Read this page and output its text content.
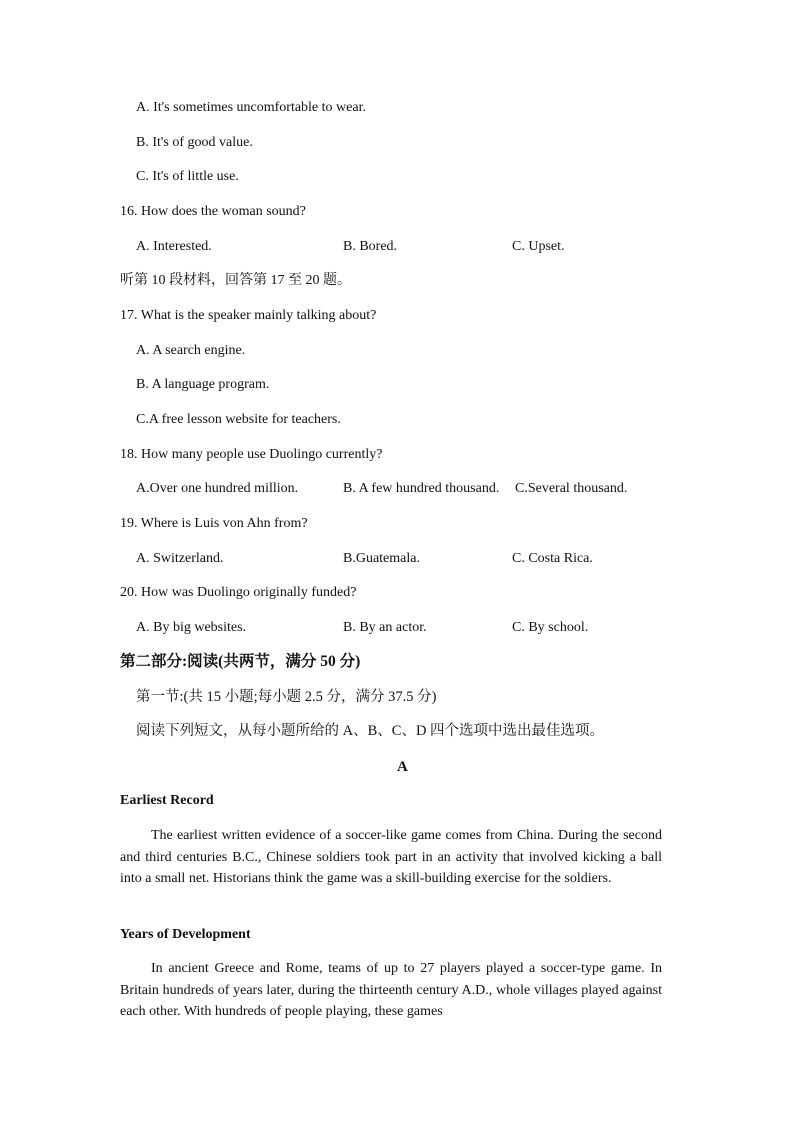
A. It's sometimes uncomfortable to wear.
B. It's of good value.
C. It's of little use.
16. How does the woman sound?
A. Interested.	B. Bored.	C. Upset.
听第 10 段材料，回答第 17 至 20 题。
17. What is the speaker mainly talking about?
A. A search engine.
B. A language program.
C.A free lesson website for teachers.
18. How many people use Duolingo currently?
A.Over one hundred million.	B. A few hundred thousand. C.Several thousand.
19. Where is Luis von Ahn from?
A. Switzerland.	B.Guatemala.	C. Costa Rica.
20. How was Duolingo originally funded?
A. By big websites.	B. By an actor.	C. By school.
第二部分:阅读(共两节，满分 50 分)
第一节:(共 15 小题;每小题 2.5 分，满分 37.5 分)
阅读下列短文，从每小题所给的 A、B、C、D 四个选项中选出最佳选项。
A
Earliest Record
The earliest written evidence of a soccer-like game comes from China. During the second and third centuries B.C., Chinese soldiers took part in an activity that involved kicking a ball into a small net. Historians think the game was a skill-building exercise for the soldiers.
Years of Development
In ancient Greece and Rome, teams of up to 27 players played a soccer-type game. In Britain hundreds of years later, during the thirteenth century A.D., whole villages played against each other. With hundreds of people playing, these games
